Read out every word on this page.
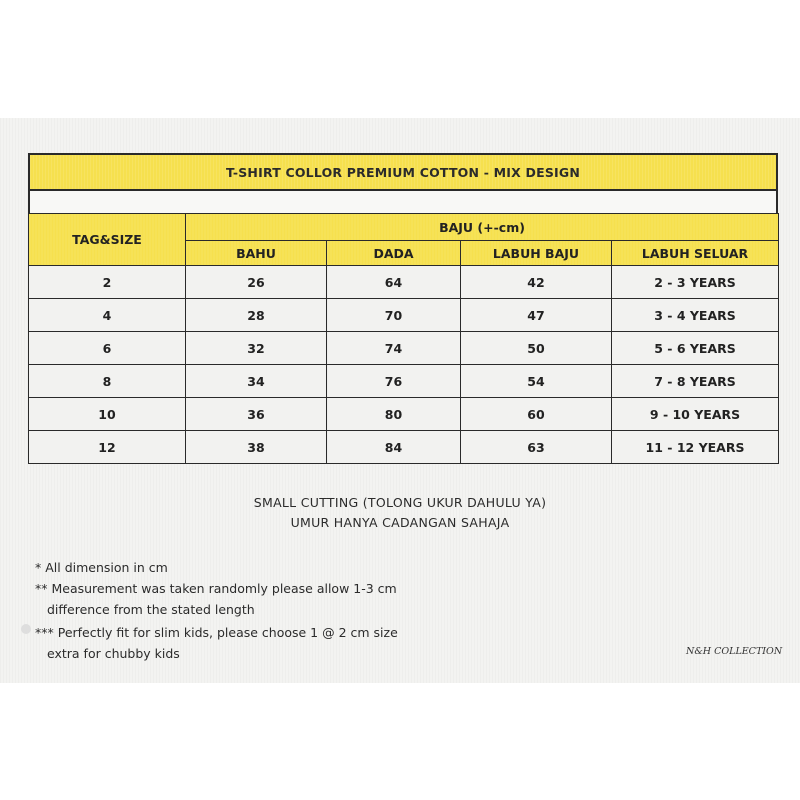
T-SHIRT COLLOR PREMIUM COTTON - MIX DESIGN
TAG&SIZE	BAJU (+-cm)			
	BAHU	DADA	LABUH BAJU	LABUH SELUAR
2	26	64	42	2 - 3 YEARS
4	28	70	47	3 - 4 YEARS
6	32	74	50	5 - 6 YEARS
8	34	76	54	7 - 8 YEARS
10	36	80	60	9 - 10 YEARS
12	38	84	63	11 - 12 YEARS
SMALL CUTTING (TOLONG UKUR DAHULU YA)
UMUR HANYA CADANGAN SAHAJA
* All dimension in cm
** Measurement was taken randomly please allow 1-3 cm
difference from the stated length
*** Perfectly fit for slim kids, please choose 1 @ 2 cm size
extra for chubby kids	N&H COLLECTION
